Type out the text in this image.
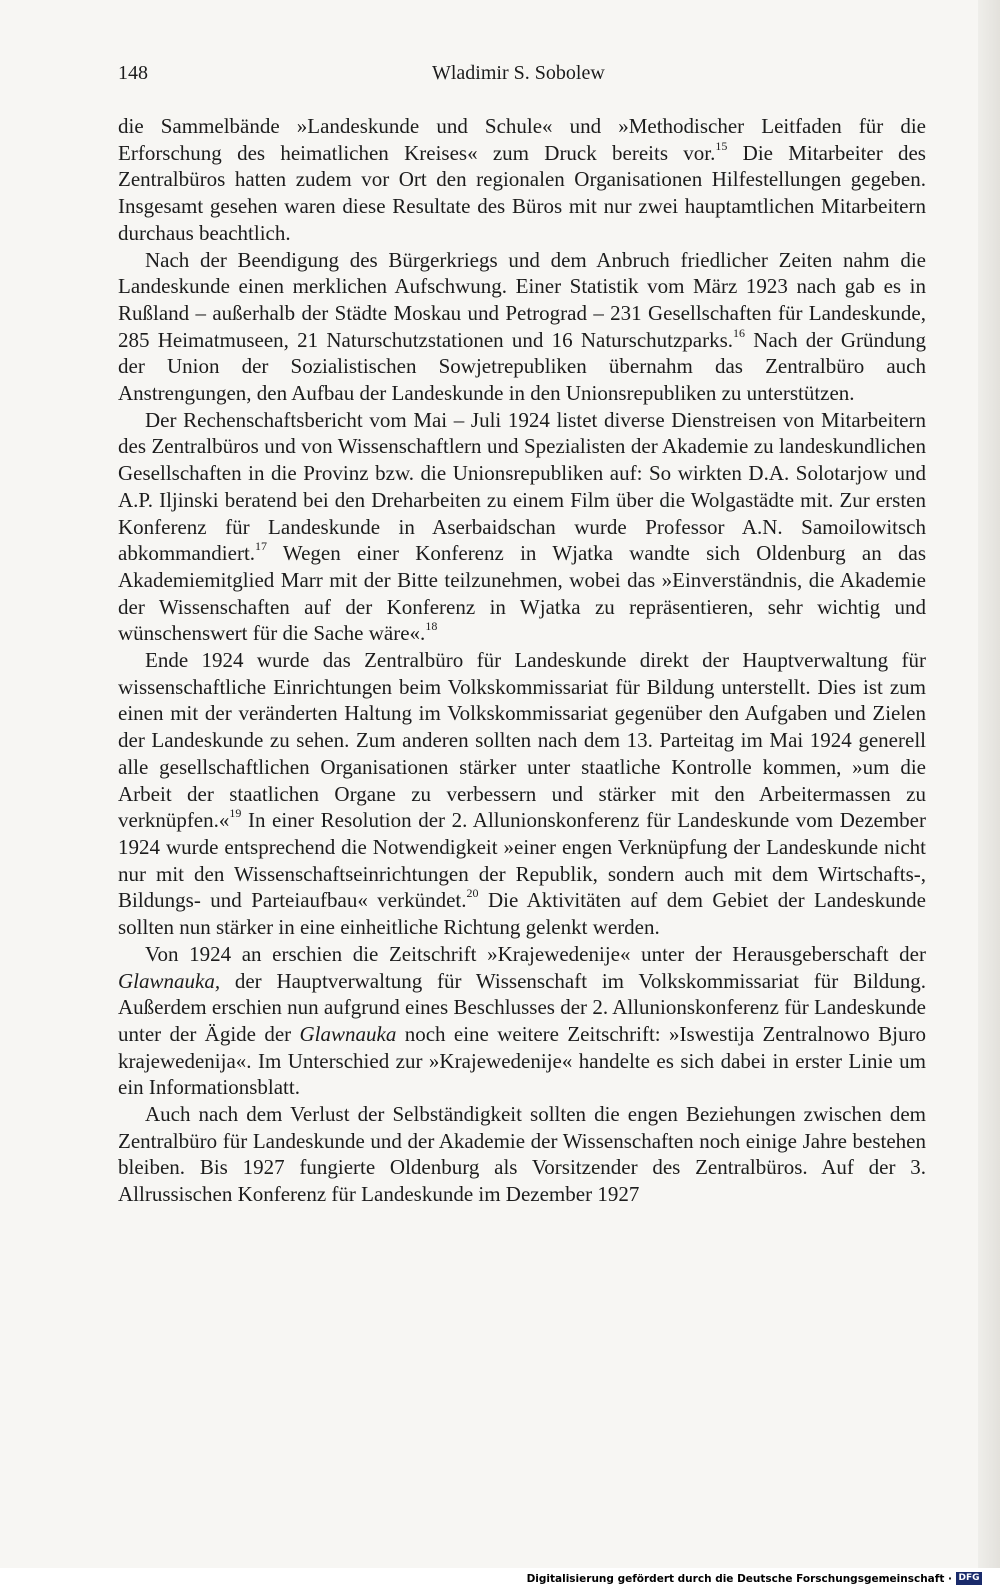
148	Wladimir S. Sobolew

die Sammelbände »Landeskunde und Schule« und »Methodischer Leitfaden für die Erforschung des heimatlichen Kreises« zum Druck bereits vor.$^{15}$ Die Mitarbeiter des Zentralbüros hatten zudem vor Ort den regionalen Organisationen Hilfestellungen gegeben. Insgesamt gesehen waren diese Resultate des Büros mit nur zwei hauptamtlichen Mitarbeitern durchaus beachtlich.

Nach der Beendigung des Bürgerkriegs und dem Anbruch friedlicher Zeiten nahm die Landeskunde einen merklichen Aufschwung. Einer Statistik vom März 1923 nach gab es in Rußland – außerhalb der Städte Moskau und Petrograd – 231 Gesellschaften für Landeskunde, 285 Heimatmuseen, 21 Naturschutzstationen und 16 Naturschutzparks.$^{16}$ Nach der Gründung der Union der Sozialistischen Sowjetrepubliken übernahm das Zentralbüro auch Anstrengungen, den Aufbau der Landeskunde in den Unionsrepubliken zu unterstützen.

Der Rechenschaftsbericht vom Mai – Juli 1924 listet diverse Dienstreisen von Mitarbeitern des Zentralbüros und von Wissenschaftlern und Spezialisten der Akademie zu landeskundlichen Gesellschaften in die Provinz bzw. die Unionsrepubliken auf: So wirkten D.A. Solotarjow und A.P. Iljinski beratend bei den Dreharbeiten zu einem Film über die Wolgastädte mit. Zur ersten Konferenz für Landeskunde in Aserbaidschan wurde Professor A.N. Samoilowitsch abkommandiert.$^{17}$ Wegen einer Konferenz in Wjatka wandte sich Oldenburg an das Akademiemitglied Marr mit der Bitte teilzunehmen, wobei das »Einverständnis, die Akademie der Wissenschaften auf der Konferenz in Wjatka zu repräsentieren, sehr wichtig und wünschenswert für die Sache wäre«.$^{18}$

Ende 1924 wurde das Zentralbüro für Landeskunde direkt der Hauptverwaltung für wissenschaftliche Einrichtungen beim Volkskommissariat für Bildung unterstellt. Dies ist zum einen mit der veränderten Haltung im Volkskommissariat gegenüber den Aufgaben und Zielen der Landeskunde zu sehen. Zum anderen sollten nach dem 13. Parteitag im Mai 1924 generell alle gesellschaftlichen Organisationen stärker unter staatliche Kontrolle kommen, »um die Arbeit der staatlichen Organe zu verbessern und stärker mit den Arbeitermassen zu verknüpfen.«$^{19}$ In einer Resolution der 2. Allunionskonferenz für Landeskunde vom Dezember 1924 wurde entsprechend die Notwendigkeit »einer engen Verknüpfung der Landeskunde nicht nur mit den Wissenschaftseinrichtungen der Republik, sondern auch mit dem Wirtschafts-, Bildungs- und Parteiaufbau« verkündet.$^{20}$ Die Aktivitäten auf dem Gebiet der Landeskunde sollten nun stärker in eine einheitliche Richtung gelenkt werden.

Von 1924 an erschien die Zeitschrift »Krajewedenije« unter der Herausgeberschaft der Glawnauka, der Hauptverwaltung für Wissenschaft im Volkskommissariat für Bildung. Außerdem erschien nun aufgrund eines Beschlusses der 2. Allunionskonferenz für Landeskunde unter der Ägide der Glawnauka noch eine weitere Zeitschrift: »Iswestija Zentralnowo Bjuro krajewedenija«. Im Unterschied zur »Krajewedenije« handelte es sich dabei in erster Linie um ein Informationsblatt.

Auch nach dem Verlust der Selbständigkeit sollten die engen Beziehungen zwischen dem Zentralbüro für Landeskunde und der Akademie der Wissenschaften noch einige Jahre bestehen bleiben. Bis 1927 fungierte Oldenburg als Vorsitzender des Zentralbüros. Auf der 3. Allrussischen Konferenz für Landeskunde im Dezember 1927

Digitalisierung gefördert durch die Deutsche Forschungsgemeinschaft · DFG
